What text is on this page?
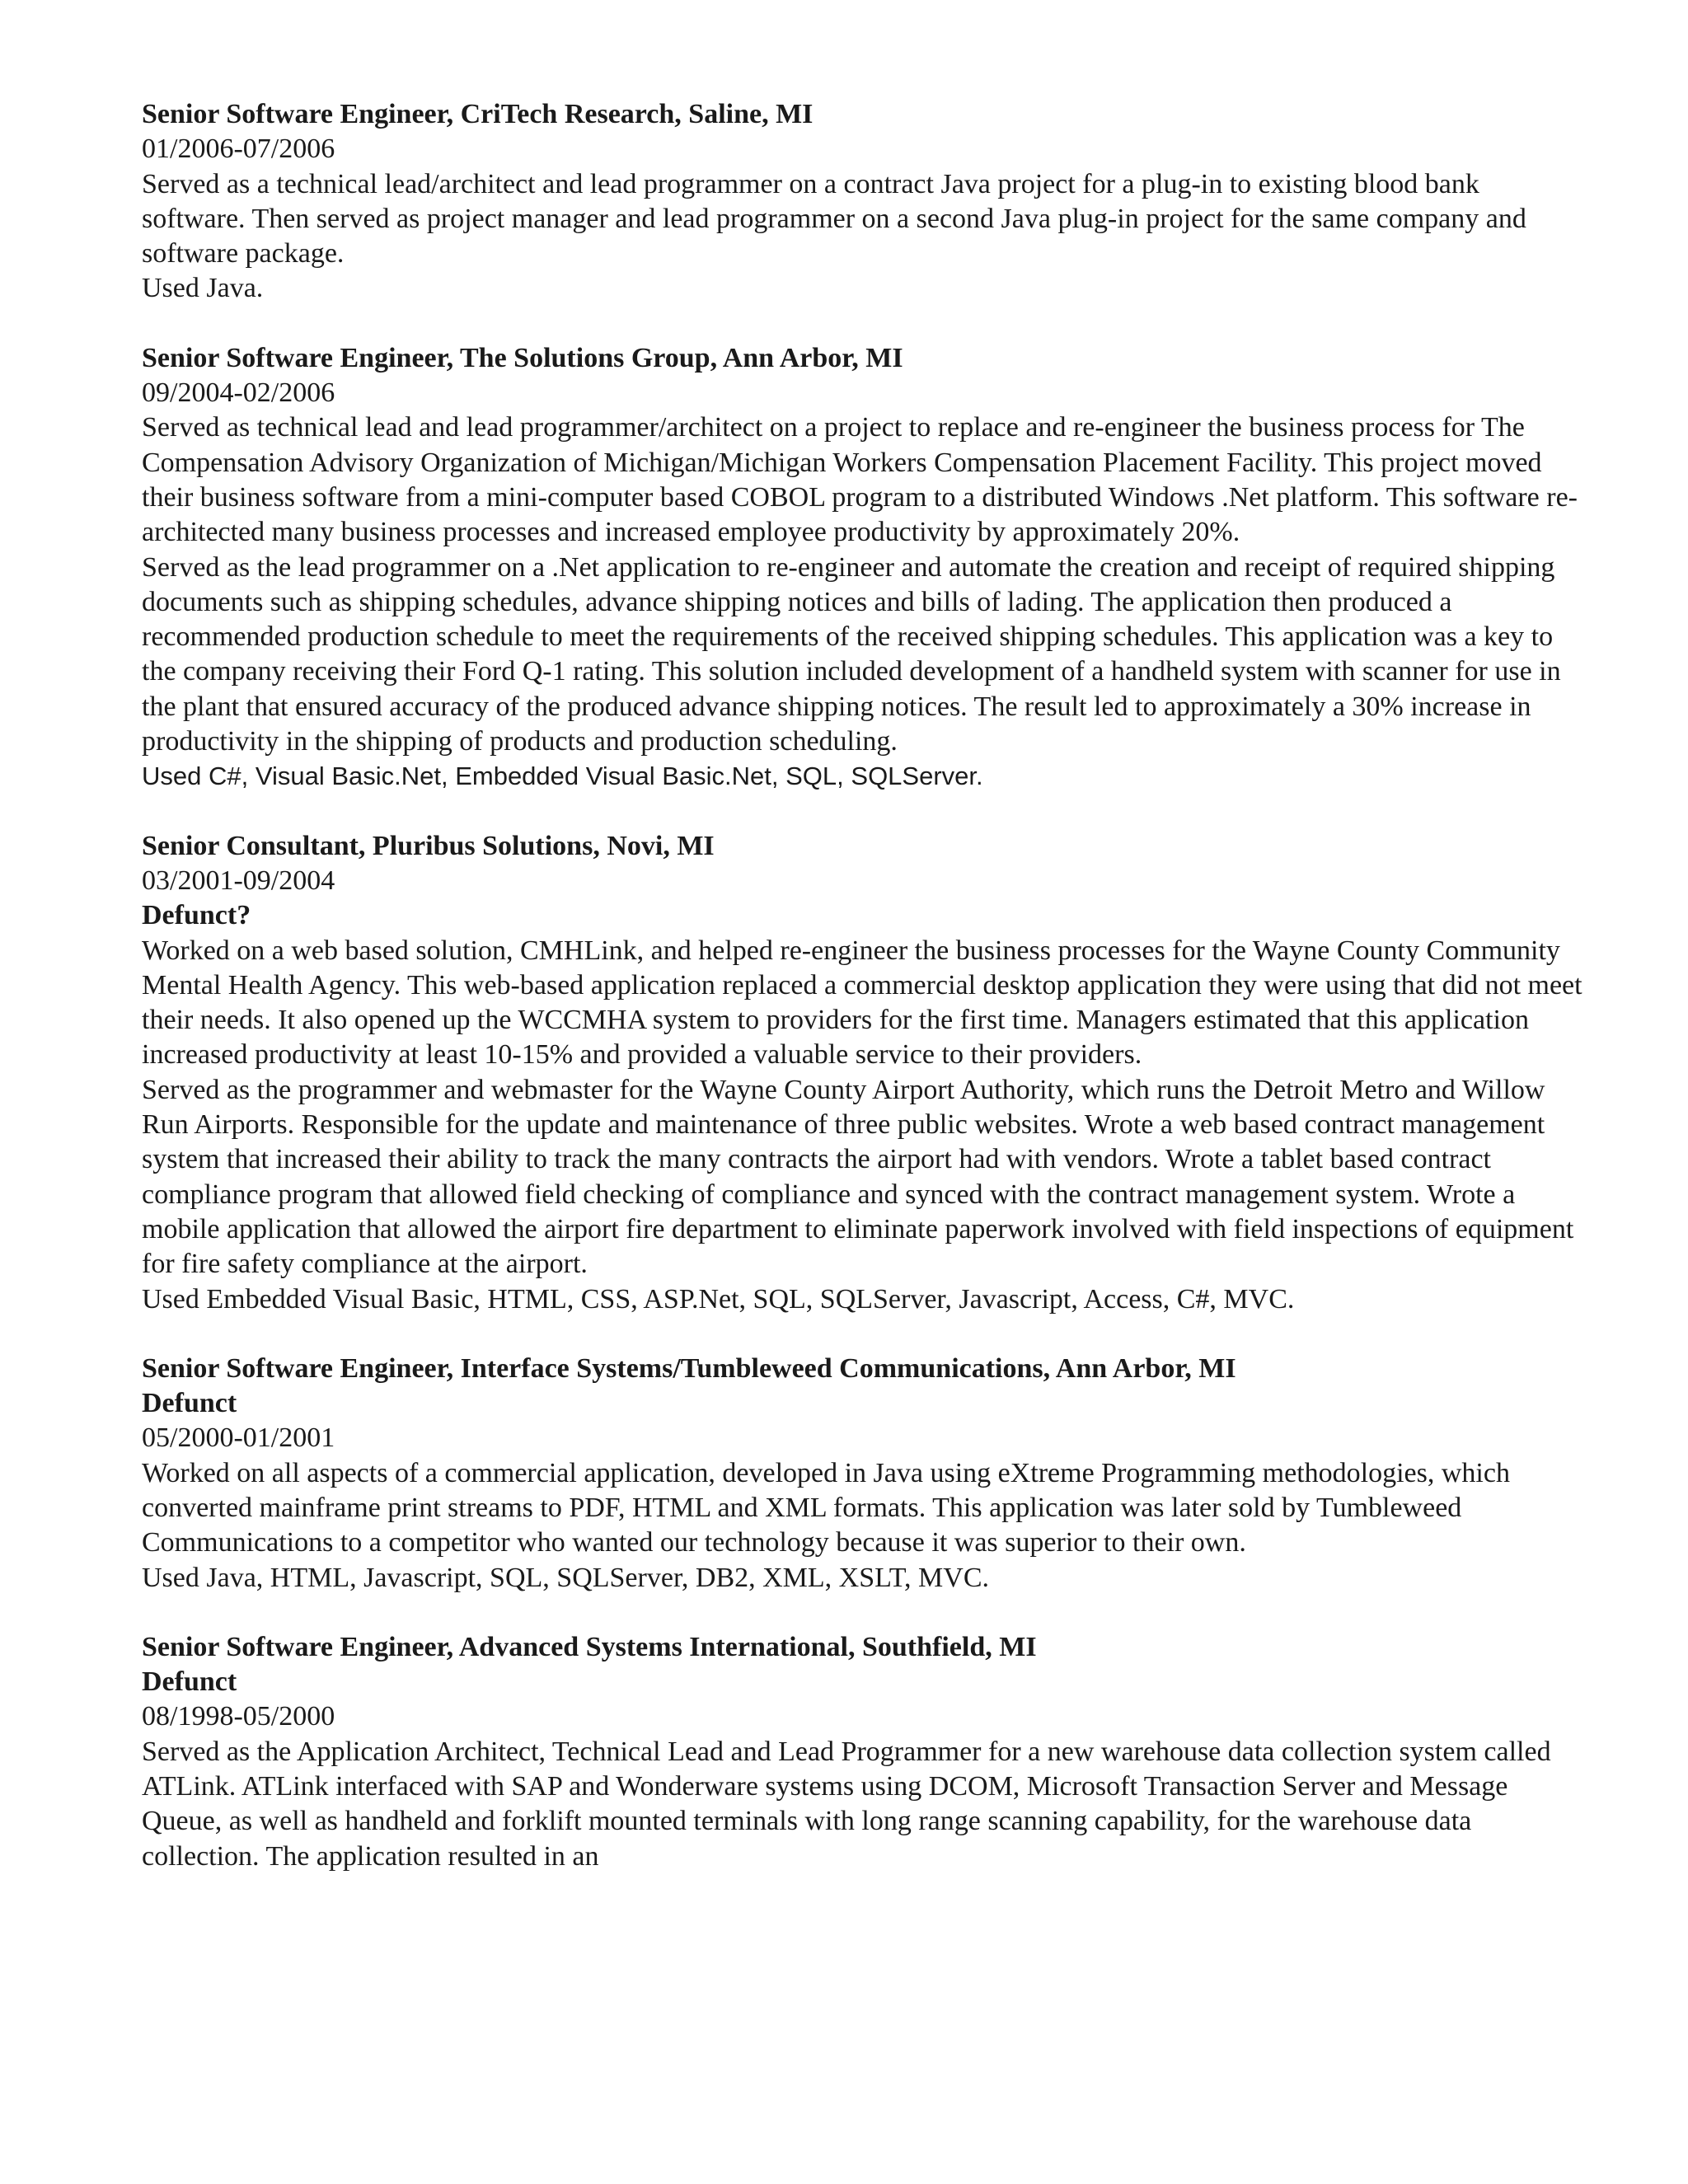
Senior Software Engineer, CriTech Research, Saline, MI

01/2006-07/2006

Served as a technical lead/architect and lead programmer on a contract Java project for a plug-in to existing blood bank software. Then served as project manager and lead programmer on a second Java plug-in project for the same company and software package.

Used Java.

Senior Software Engineer, The Solutions Group, Ann Arbor, MI

09/2004-02/2006

Served as technical lead and lead programmer/architect on a project to replace and re-engineer the business process for The Compensation Advisory Organization of Michigan/Michigan Workers Compensation Placement Facility. This project moved their business software from a mini-computer based COBOL program to a distributed Windows .Net platform. This software re-architected many business processes and increased employee productivity by approximately 20%.

Served as the lead programmer on a .Net application to re-engineer and automate the creation and receipt of required shipping documents such as shipping schedules, advance shipping notices and bills of lading. The application then produced a recommended production schedule to meet the requirements of the received shipping schedules. This application was a key to the company receiving their Ford Q-1 rating. This solution included development of a handheld system with scanner for use in the plant that ensured accuracy of the produced advance shipping notices. The result led to approximately a 30% increase in productivity in the shipping of products and production scheduling.

Used C#, Visual Basic.Net, Embedded Visual Basic.Net, SQL, SQLServer.

Senior Consultant, Pluribus Solutions, Novi, MI

03/2001-09/2004

Defunct?

Worked on a web based solution, CMHLink, and helped re-engineer the business processes for the Wayne County Community Mental Health Agency. This web-based application replaced a commercial desktop application they were using that did not meet their needs. It also opened up the WCCMHA system to providers for the first time. Managers estimated that this application increased productivity at least 10-15% and provided a valuable service to their providers.

Served as the programmer and webmaster for the Wayne County Airport Authority, which runs the Detroit Metro and Willow Run Airports. Responsible for the update and maintenance of three public websites. Wrote a web based contract management system that increased their ability to track the many contracts the airport had with vendors. Wrote a tablet based contract compliance program that allowed field checking of compliance and synced with the contract management system. Wrote a mobile application that allowed the airport fire department to eliminate paperwork involved with field inspections of equipment for fire safety compliance at the airport.

Used Embedded Visual Basic, HTML, CSS, ASP.Net, SQL, SQLServer, Javascript, Access, C#, MVC.

Senior Software Engineer, Interface Systems/Tumbleweed Communications, Ann Arbor, MI

Defunct

05/2000-01/2001

Worked on all aspects of a commercial application, developed in Java using eXtreme Programming methodologies, which converted mainframe print streams to PDF, HTML and XML formats. This application was later sold by Tumbleweed Communications to a competitor who wanted our technology because it was superior to their own.

Used Java, HTML, Javascript, SQL, SQLServer, DB2, XML, XSLT, MVC.

Senior Software Engineer, Advanced Systems International, Southfield, MI

Defunct

08/1998-05/2000

Served as the Application Architect, Technical Lead and Lead Programmer for a new warehouse data collection system called ATLink. ATLink interfaced with SAP and Wonderware systems using DCOM, Microsoft Transaction Server and Message Queue, as well as handheld and forklift mounted terminals with long range scanning capability, for the warehouse data collection. The application resulted in an
